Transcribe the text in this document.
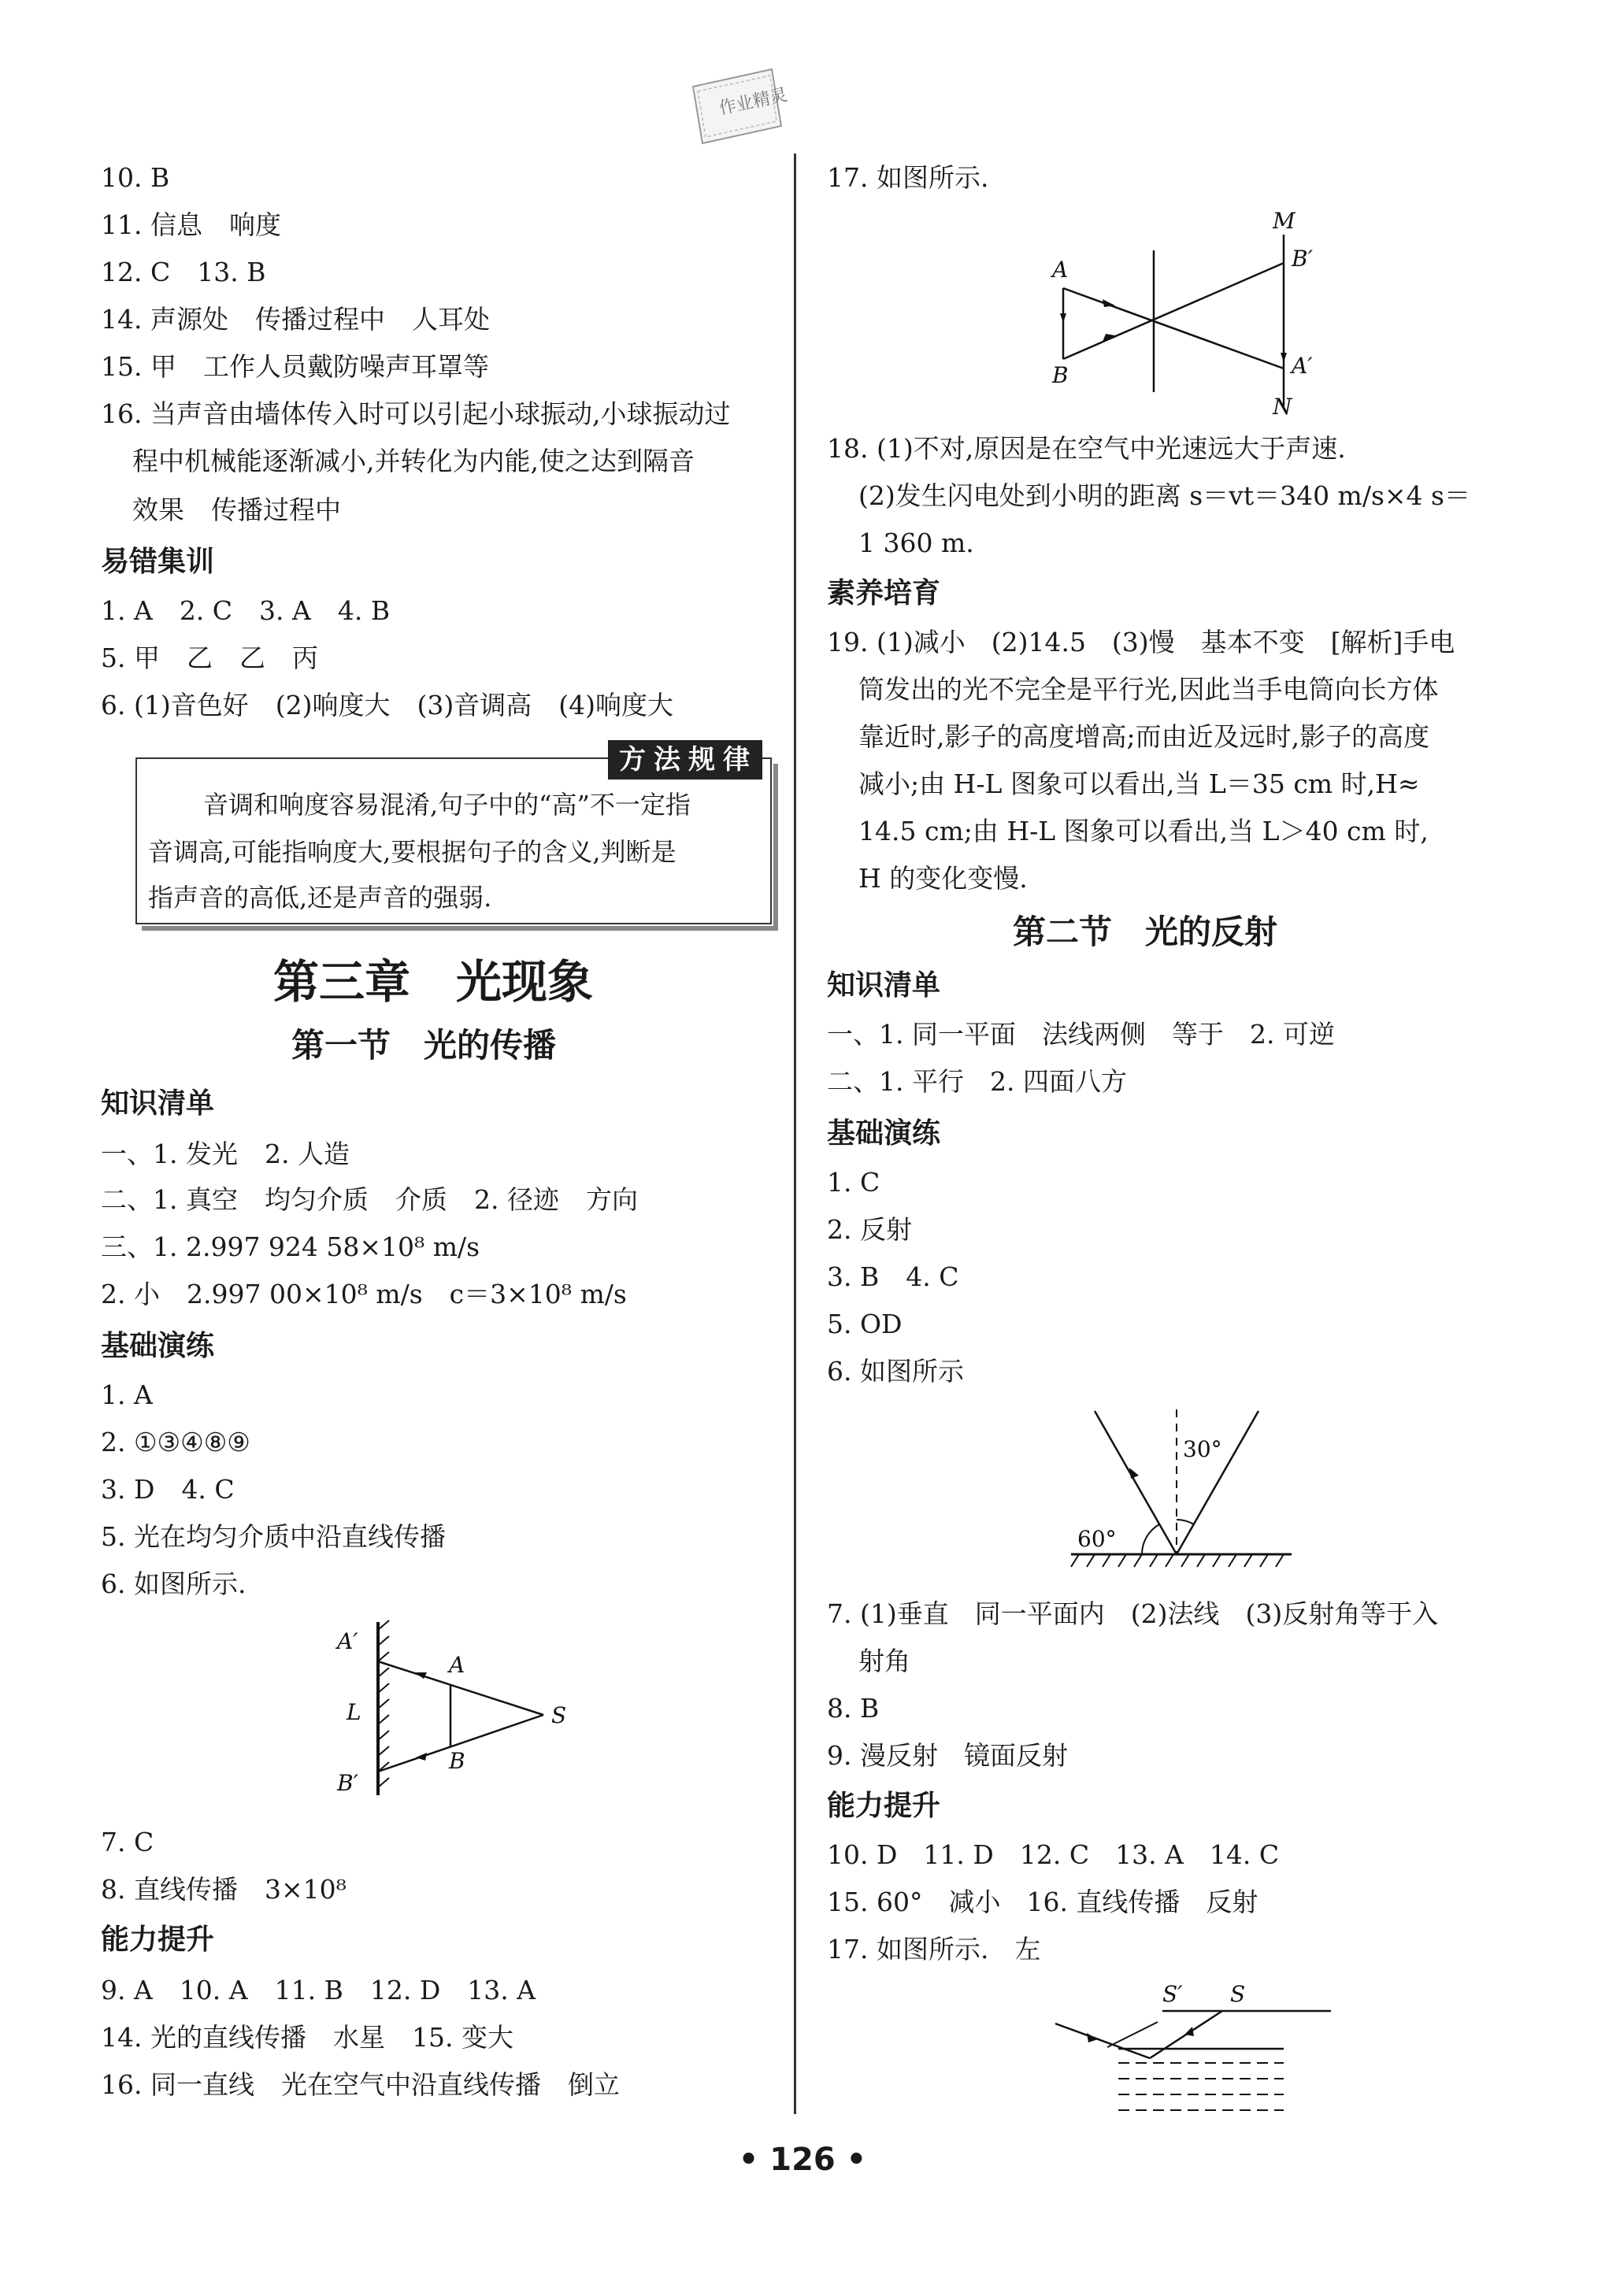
作业精灵
10. B
11. 信息 响度
12. C 13. B
14. 声源处 传播过程中 人耳处
15. 甲 工作人员戴防噪声耳罩等
16. 当声音由墙体传入时可以引起小球振动,小球振动过
程中机械能逐渐减小,并转化为内能,使之达到隔音
效果 传播过程中
易错集训
1. A 2. C 3. A 4. B
5. 甲 乙 乙 丙
6. (1)音色好 (2)响度大 (3)音调高 (4)响度大
方法规律
音调和响度容易混淆,句子中的“高”不一定指
音调高,可能指响度大,要根据句子的含义,判断是
指声音的高低,还是声音的强弱.
第三章　光现象
第一节　光的传播
知识清单
一、1. 发光 2. 人造
二、1. 真空 均匀介质 介质 2. 径迹 方向
三、1. 2.997 924 58×10⁸ m/s
2. 小 2.997 00×10⁸ m/s c＝3×10⁸ m/s
基础演练
1. A
2. ①③④⑧⑨
3. D 4. C
5. 光在均匀介质中沿直线传播
6. 如图所示.
A′
A
L	S
B
B′
7. C
8. 直线传播 3×10⁸
能力提升
9. A 10. A 11. B 12. D 13. A
14. 光的直线传播 水星 15. 变大
16. 同一直线 光在空气中沿直线传播 倒立
17. 如图所示.
M
B′
A
A′
B
N
18. (1)不对,原因是在空气中光速远大于声速.
(2)发生闪电处到小明的距离 s＝vt＝340 m/s×4 s＝
1 360 m.
素养培育
19. (1)减小　(2)14.5　(3)慢　基本不变　[解析]手电
筒发出的光不完全是平行光,因此当手电筒向长方体
靠近时,影子的高度增高;而由近及远时,影子的高度
减小;由 H-L 图象可以看出,当 L＝35 cm 时,H≈
14.5 cm;由 H-L 图象可以看出,当 L＞40 cm 时,
H 的变化变慢.
第二节　光的反射
知识清单
一、1. 同一平面　法线两侧　等于　2. 可逆
二、1. 平行　2. 四面八方
基础演练
1. C
2. 反射
3. B 4. C
5. OD
6. 如图所示
30°
60°
7. (1)垂直　同一平面内　(2)法线　(3)反射角等于入
射角
8. B
9. 漫反射　镜面反射
能力提升
10. D　11. D　12. C　13. A　14. C
15. 60°　减小　16. 直线传播　反射
17. 如图所示.　左
S′ S
• 126 •
